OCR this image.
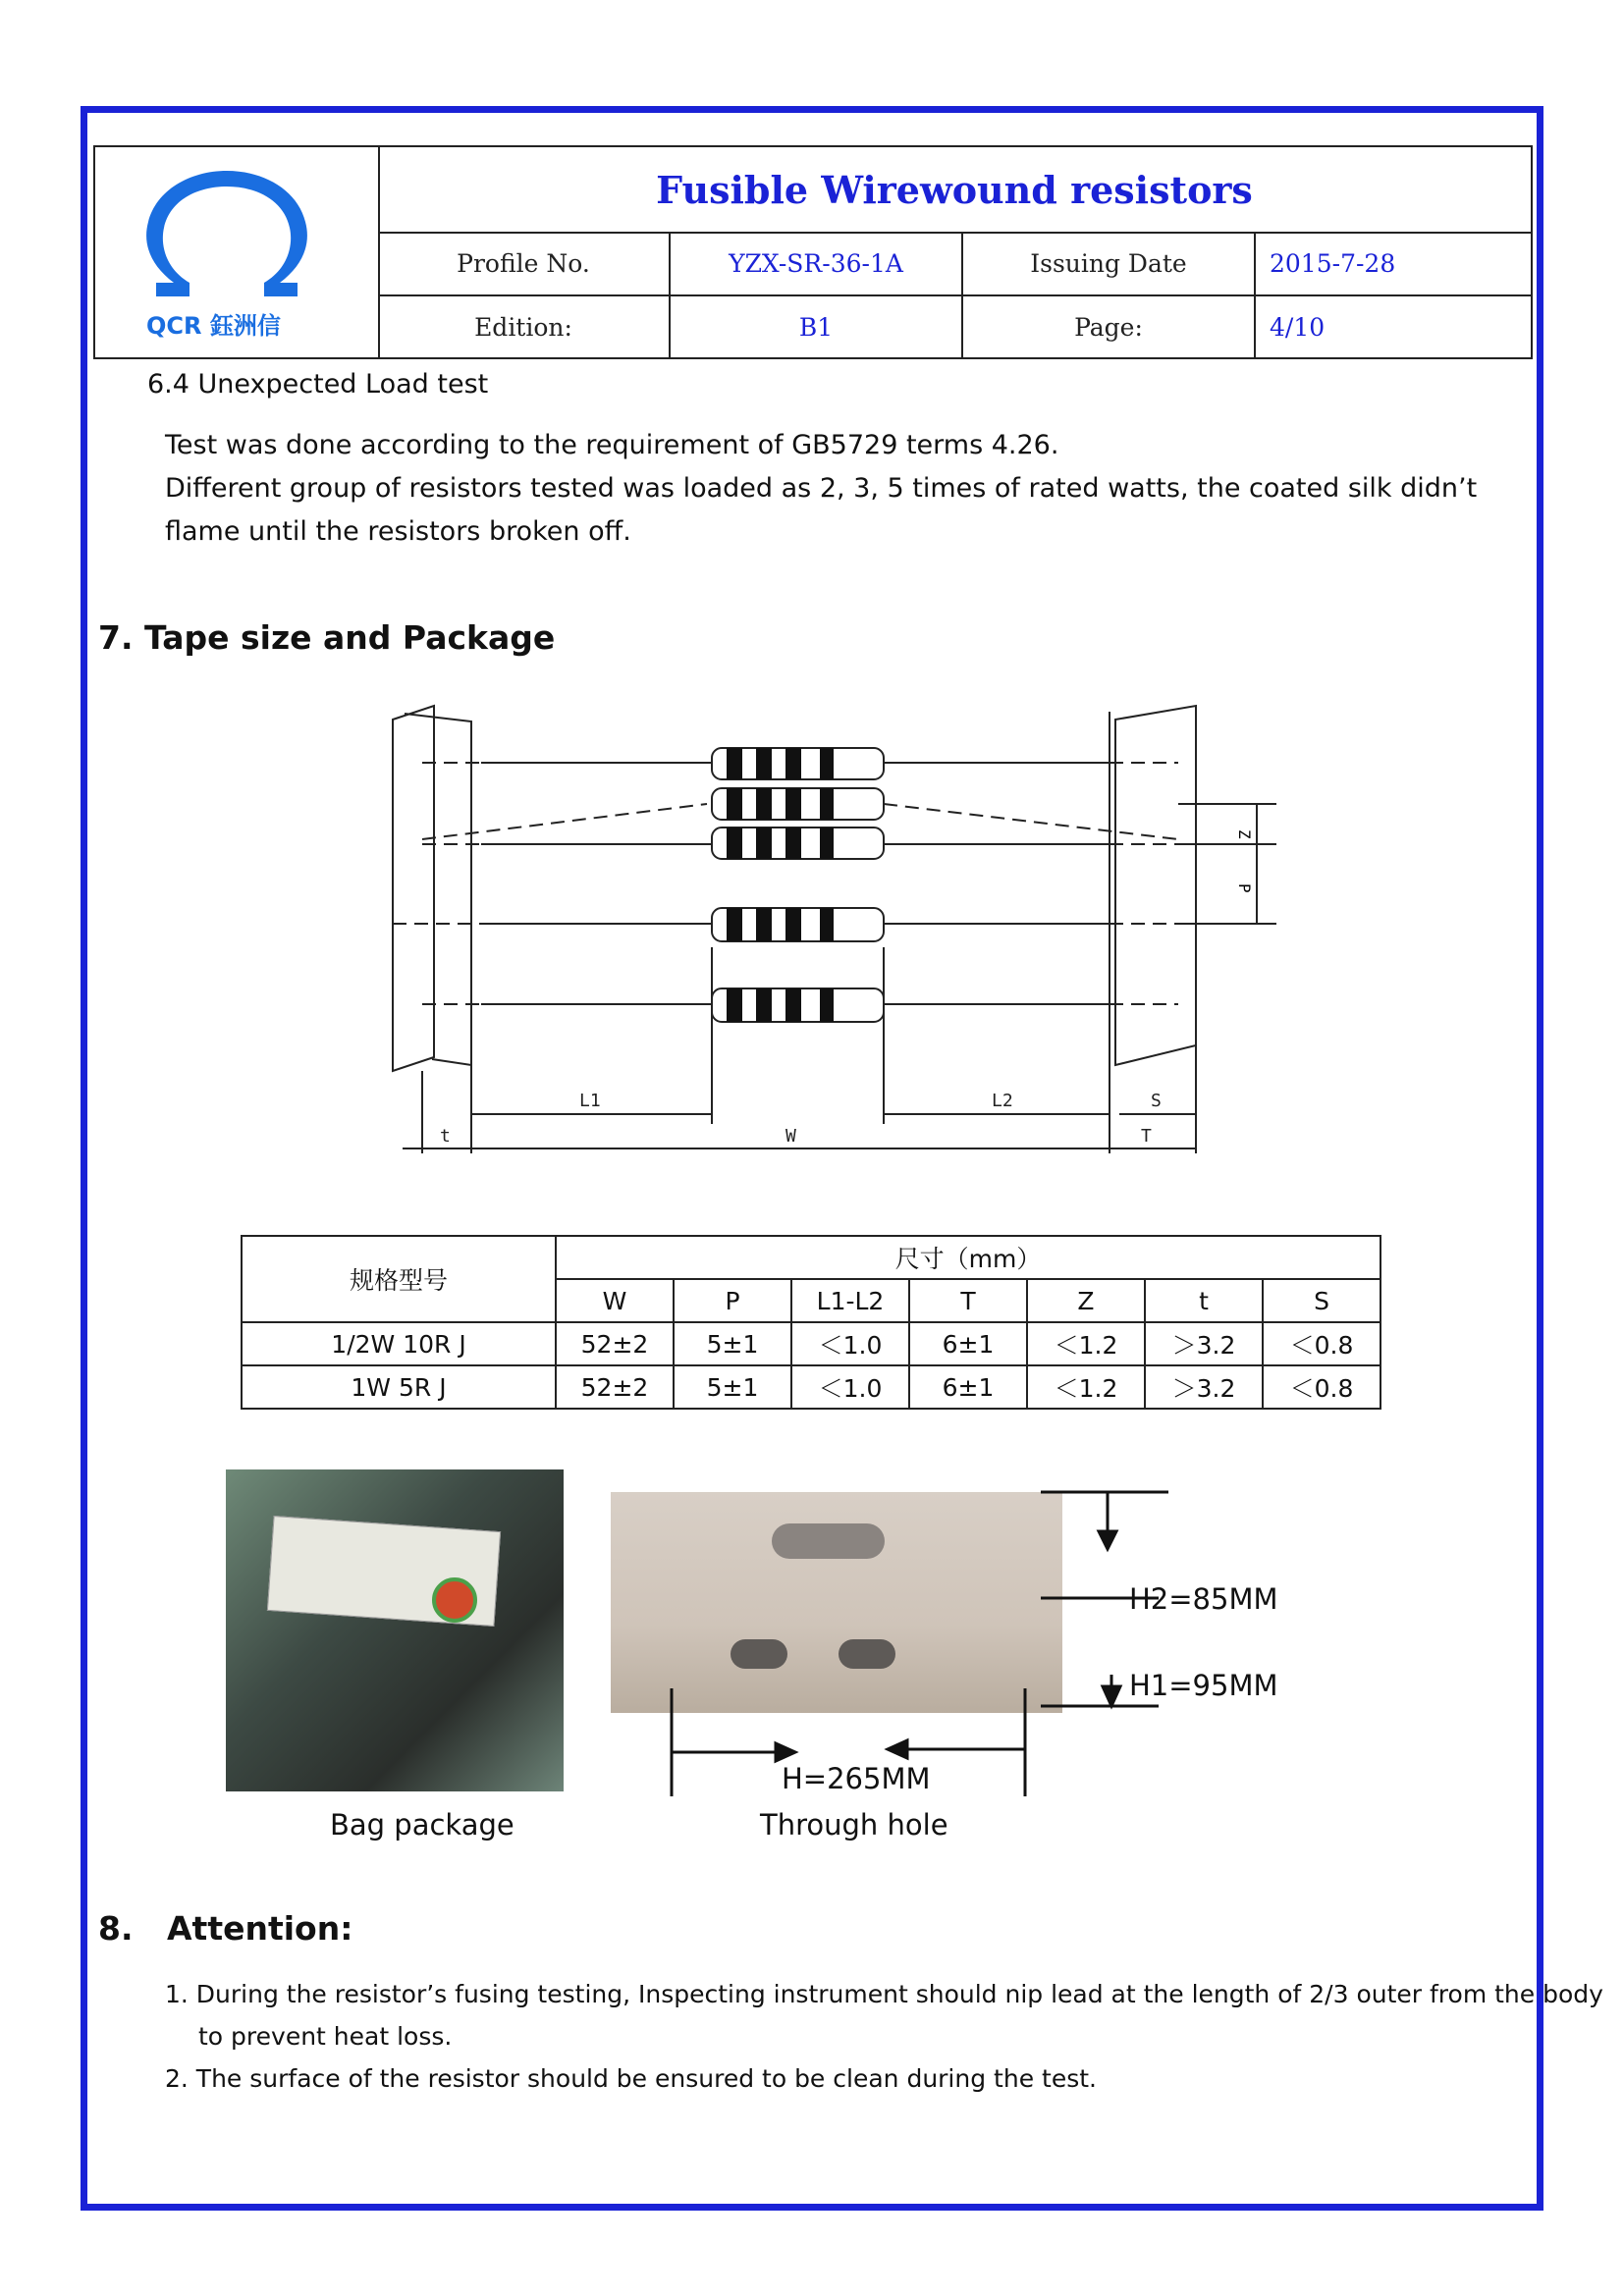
QCR 鈺洲信
Fusible Wirewound resistors
Profile No.	YZX-SR-36-1A	Issuing Date	2015-7-28
Edition:	B1	Page:	4/10
6.4 Unexpected Load test
Test was done according to the requirement of GB5729 terms 4.26.
Different group of resistors tested was loaded as 2, 3, 5 times of rated watts, the coated silk didn’t
flame until the resistors broken off.
7. Tape size and Package
Z
P
L1	L2	S
W
t	T
规格型号	尺寸（mm）						
	W	P	L1-L2	T	Z	t	S
1/2W 10R J	52±2	5±1	＜1.0	6±1	＜1.2	＞3.2	＜0.8
1W 5R J	52±2	5±1	＜1.0	6±1	＜1.2	＞3.2	＜0.8
Bag package
H2=85MM
H1=95MM
H=265MM
Through hole
8. Attention:
1. During the resistor’s fusing testing, Inspecting instrument should nip lead at the length of 2/3 outer from the body
to prevent heat loss.
2. The surface of the resistor should be ensured to be clean during the test.
